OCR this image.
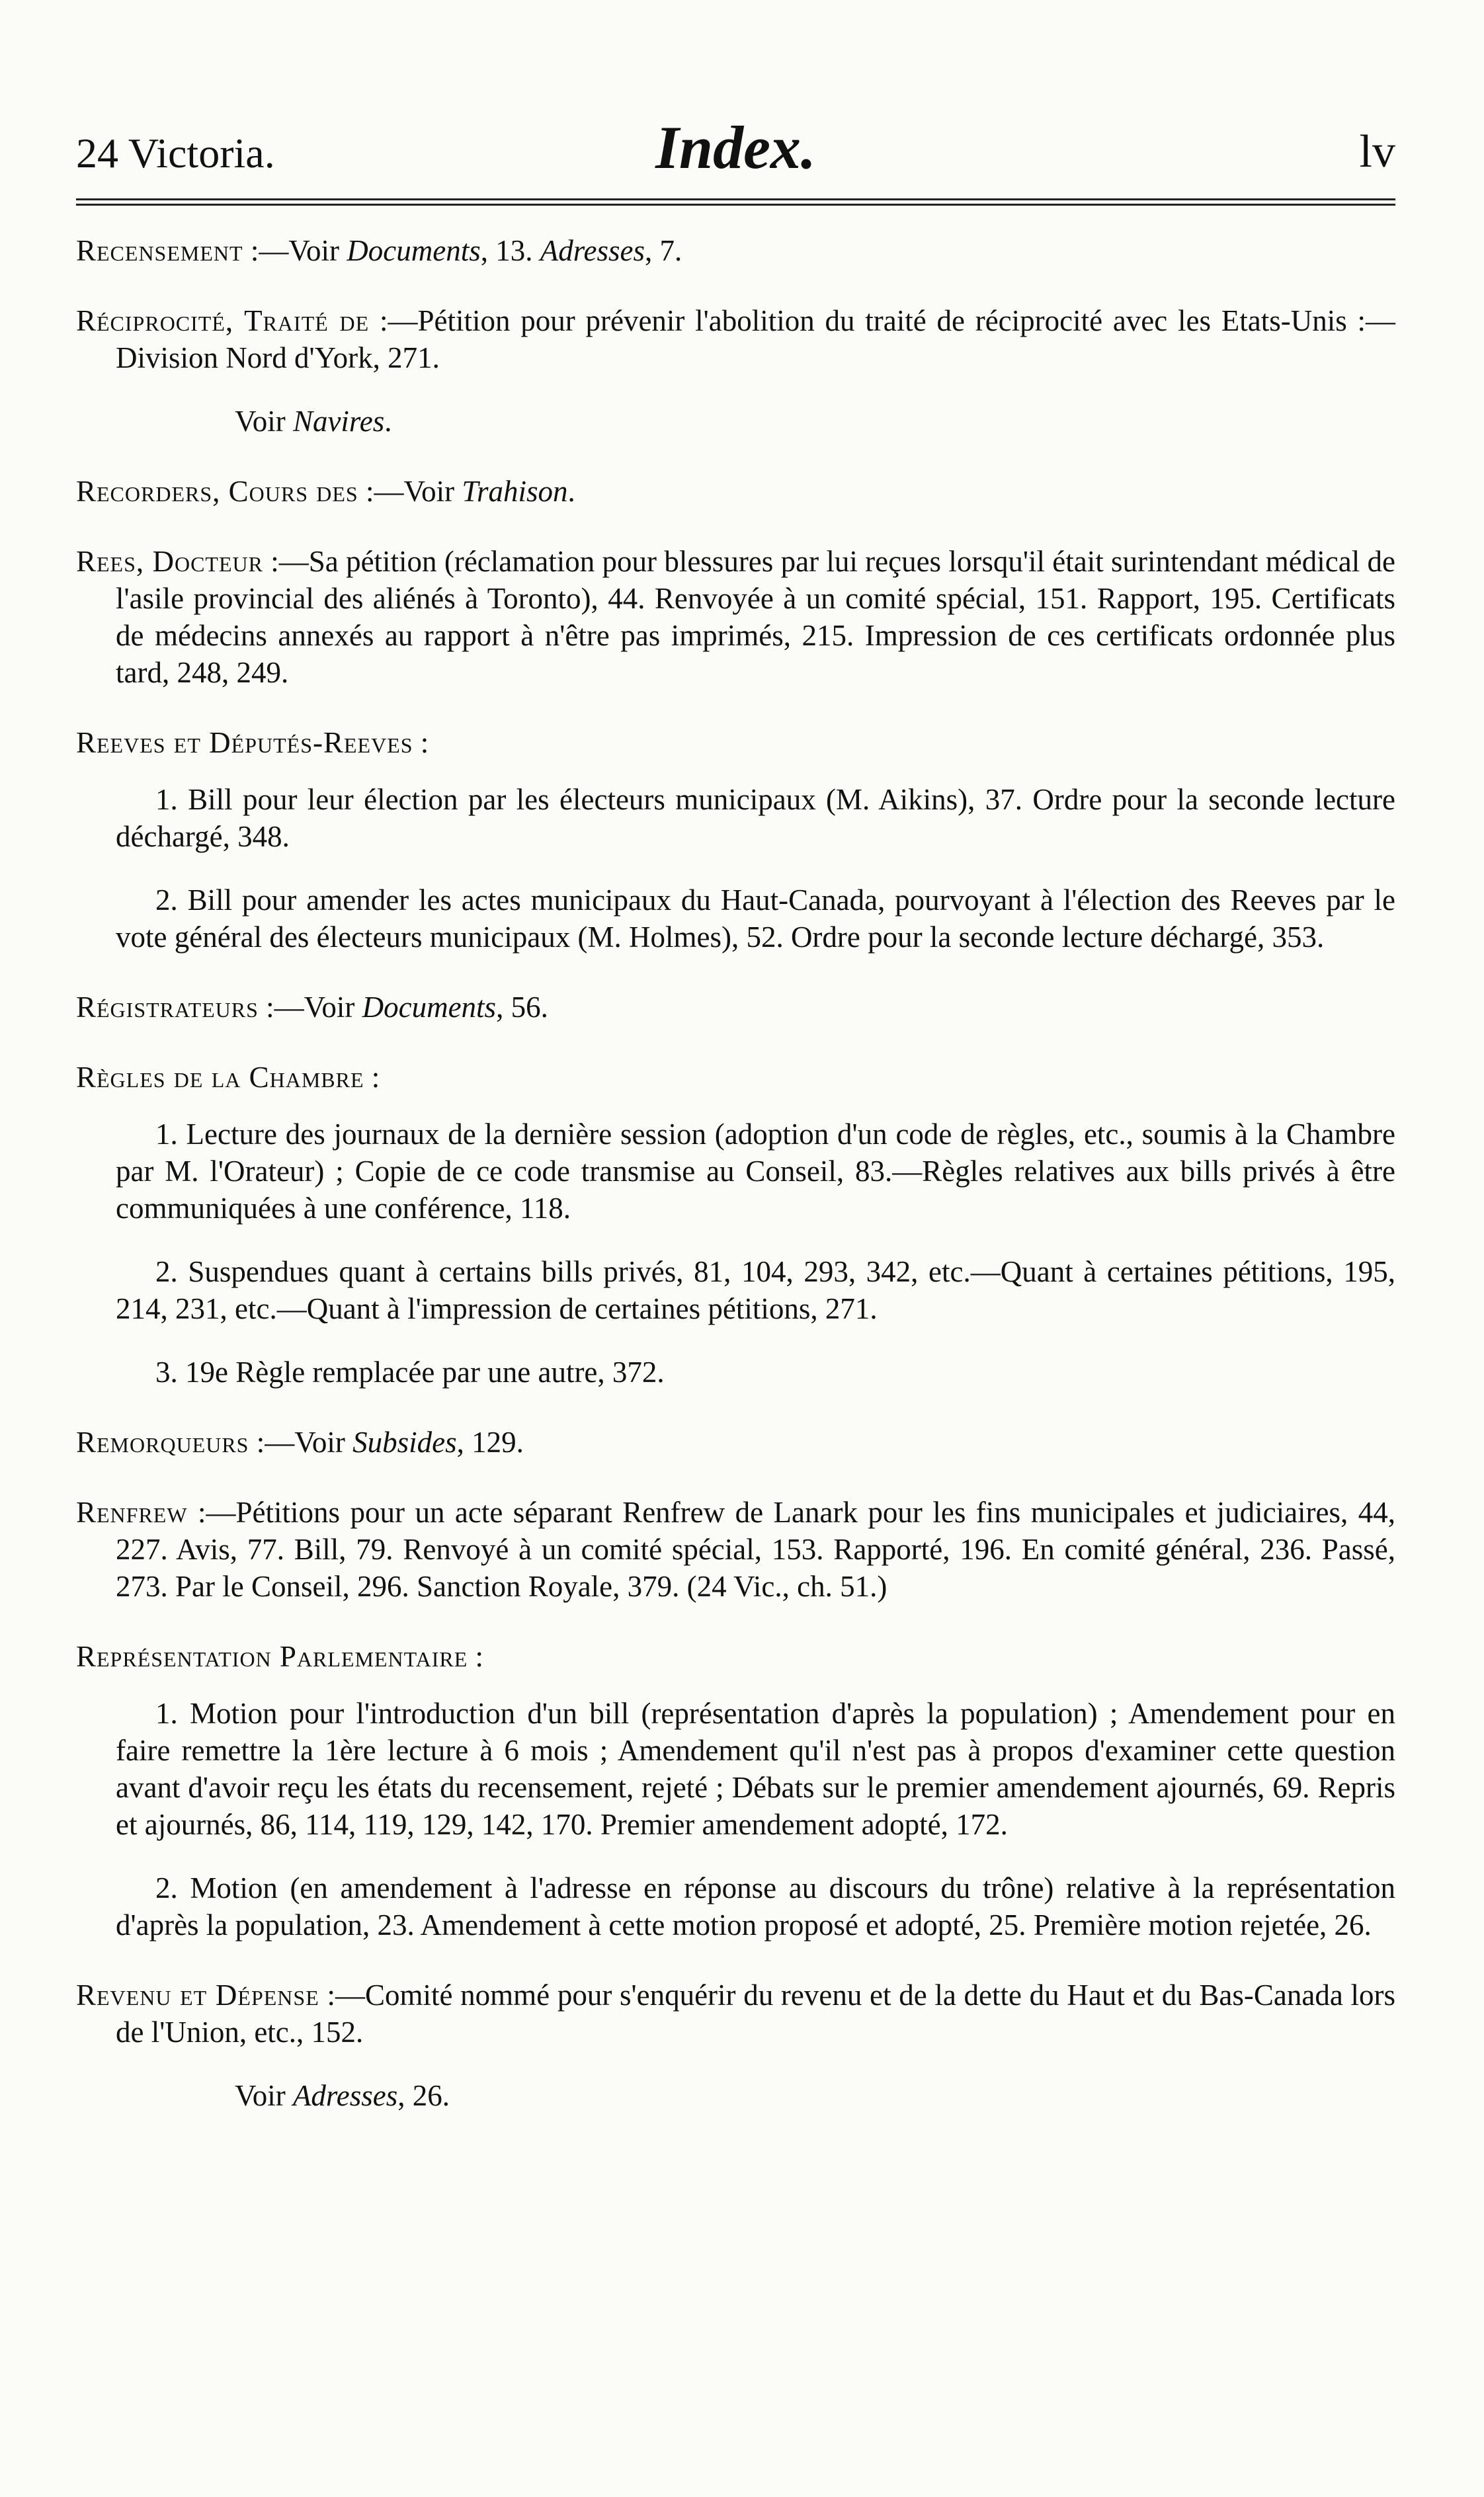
24 Victoria.	Index.	lv

Recensement :—Voir Documents, 13. Adresses, 7.

Réciprocité, Traité de :—Pétition pour prévenir l'abolition du traité de réciprocité avec les Etats-Unis :—Division Nord d'York, 271.

Voir Navires.

Recorders, Cours des :—Voir Trahison.

Rees, Docteur :—Sa pétition (réclamation pour blessures par lui reçues lorsqu'il était surintendant médical de l'asile provincial des aliénés à Toronto), 44. Renvoyée à un comité spécial, 151. Rapport, 195. Certificats de médecins annexés au rapport à n'être pas imprimés, 215. Impression de ces certificats ordonnée plus tard, 248, 249.

Reeves et Députés-Reeves :

1. Bill pour leur élection par les électeurs municipaux (M. Aikins), 37. Ordre pour la seconde lecture déchargé, 348.

2. Bill pour amender les actes municipaux du Haut-Canada, pourvoyant à l'élection des Reeves par le vote général des électeurs municipaux (M. Holmes), 52. Ordre pour la seconde lecture déchargé, 353.

Régistrateurs :—Voir Documents, 56.

Règles de la Chambre :

1. Lecture des journaux de la dernière session (adoption d'un code de règles, etc., soumis à la Chambre par M. l'Orateur) ; Copie de ce code transmise au Conseil, 83.—Règles relatives aux bills privés à être communiquées à une conférence, 118.

2. Suspendues quant à certains bills privés, 81, 104, 293, 342, etc.—Quant à certaines pétitions, 195, 214, 231, etc.—Quant à l'impression de certaines pétitions, 271.

3. 19e Règle remplacée par une autre, 372.

Remorqueurs :—Voir Subsides, 129.

Renfrew :—Pétitions pour un acte séparant Renfrew de Lanark pour les fins municipales et judiciaires, 44, 227. Avis, 77. Bill, 79. Renvoyé à un comité spécial, 153. Rapporté, 196. En comité général, 236. Passé, 273. Par le Conseil, 296. Sanction Royale, 379. (24 Vic., ch. 51.)

Représentation Parlementaire :

1. Motion pour l'introduction d'un bill (représentation d'après la population) ; Amendement pour en faire remettre la 1ère lecture à 6 mois ; Amendement qu'il n'est pas à propos d'examiner cette question avant d'avoir reçu les états du recensement, rejeté ; Débats sur le premier amendement ajournés, 69. Repris et ajournés, 86, 114, 119, 129, 142, 170. Premier amendement adopté, 172.

2. Motion (en amendement à l'adresse en réponse au discours du trône) relative à la représentation d'après la population, 23. Amendement à cette motion proposé et adopté, 25. Première motion rejetée, 26.

Revenu et Dépense :—Comité nommé pour s'enquérir du revenu et de la dette du Haut et du Bas-Canada lors de l'Union, etc., 152.

Voir Adresses, 26.
